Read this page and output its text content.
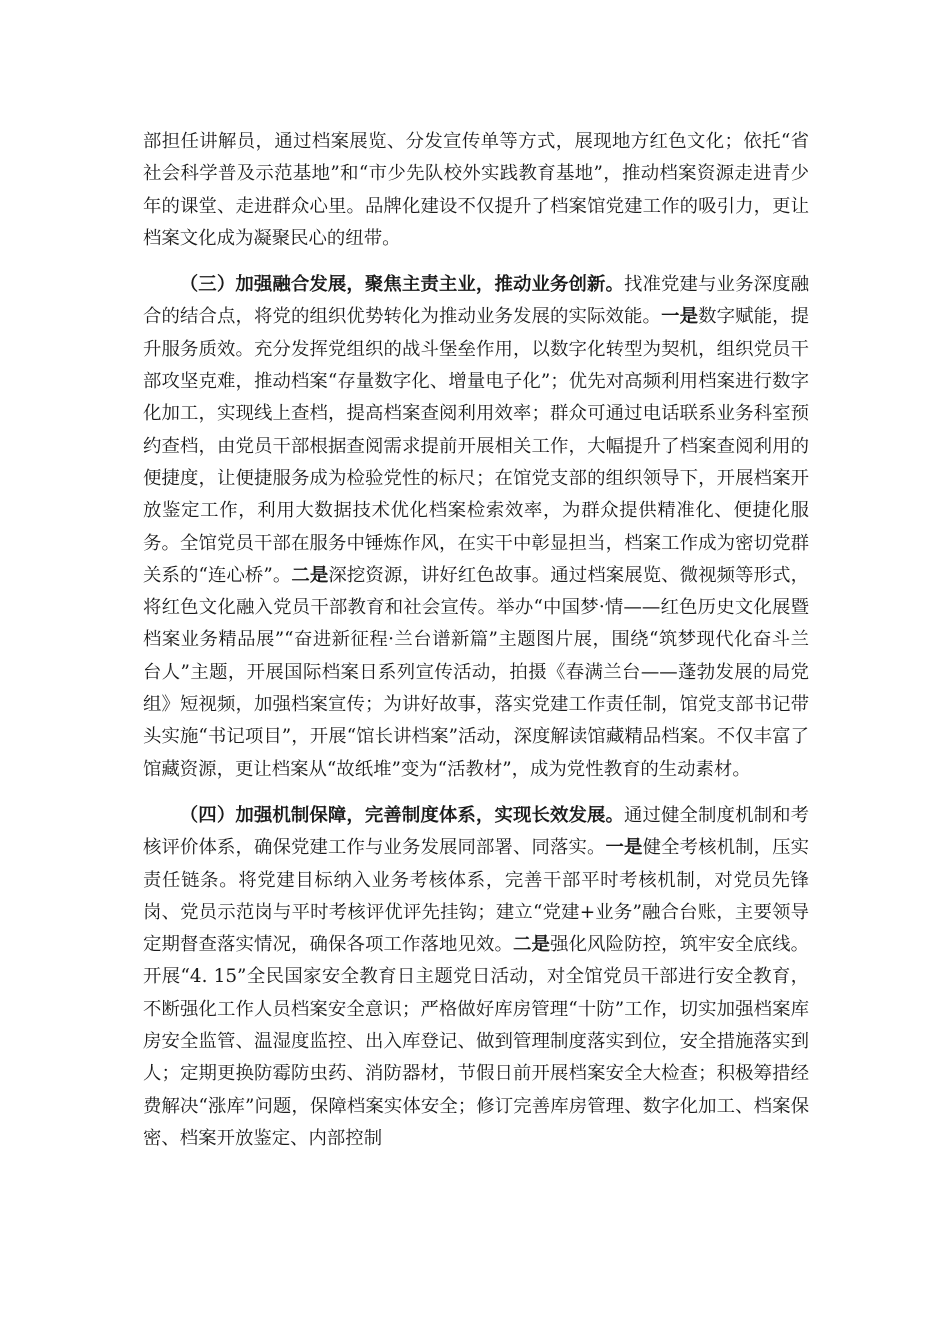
部担任讲解员，通过档案展览、分发宣传单等方式，展现地方红色文化；依托“省社会科学普及示范基地”和“市少先队校外实践教育基地”，推动档案资源走进青少年的课堂、走进群众心里。品牌化建设不仅提升了档案馆党建工作的吸引力，更让档案文化成为凝聚民心的纽带。

（三）加强融合发展，聚焦主责主业，推动业务创新。找准党建与业务深度融合的结合点，将党的组织优势转化为推动业务发展的实际效能。一是数字赋能，提升服务质效。充分发挥党组织的战斗堡垒作用，以数字化转型为契机，组织党员干部攻坚克难，推动档案“存量数字化、增量电子化”；优先对高频利用档案进行数字化加工，实现线上查档，提高档案查阅利用效率；群众可通过电话联系业务科室预约查档，由党员干部根据查阅需求提前开展相关工作，大幅提升了档案查阅利用的便捷度，让便捷服务成为检验党性的标尺；在馆党支部的组织领导下，开展档案开放鉴定工作，利用大数据技术优化档案检索效率，为群众提供精准化、便捷化服务。全馆党员干部在服务中锤炼作风，在实干中彰显担当，档案工作成为密切党群关系的“连心桥”。二是深挖资源，讲好红色故事。通过档案展览、微视频等形式，将红色文化融入党员干部教育和社会宣传。举办“中国梦·情——红色历史文化展暨档案业务精品展”“奋进新征程·兰台谱新篇”主题图片展，围绕“筑梦现代化奋斗兰台人”主题，开展国际档案日系列宣传活动，拍摄《春满兰台——蓬勃发展的局党组》短视频，加强档案宣传；为讲好故事，落实党建工作责任制，馆党支部书记带头实施“书记项目”，开展“馆长讲档案”活动，深度解读馆藏精品档案。不仅丰富了馆藏资源，更让档案从“故纸堆”变为“活教材”，成为党性教育的生动素材。

（四）加强机制保障，完善制度体系，实现长效发展。通过健全制度机制和考核评价体系，确保党建工作与业务发展同部署、同落实。一是健全考核机制，压实责任链条。将党建目标纳入业务考核体系，完善干部平时考核机制，对党员先锋岗、党员示范岗与平时考核评优评先挂钩；建立“党建+业务”融合台账，主要领导定期督查落实情况，确保各项工作落地见效。二是强化风险防控，筑牢安全底线。开展“4. 15”全民国家安全教育日主题党日活动，对全馆党员干部进行安全教育，不断强化工作人员档案安全意识；严格做好库房管理“十防”工作，切实加强档案库房安全监管、温湿度监控、出入库登记、做到管理制度落实到位，安全措施落实到人；定期更换防霉防虫药、消防器材，节假日前开展档案安全大检查；积极筹措经费解决“涨库”问题，保障档案实体安全；修订完善库房管理、数字化加工、档案保密、档案开放鉴定、内部控制
